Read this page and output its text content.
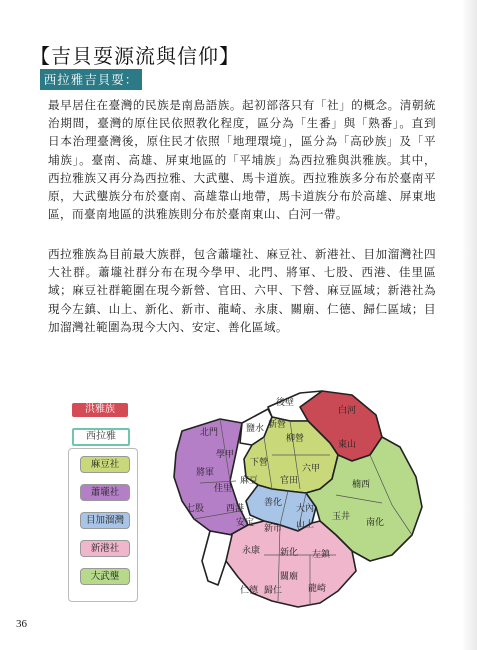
【吉貝耍源流與信仰】
西拉雅吉貝耍：

最早居住在臺灣的民族是南島語族。起初部落只有「社」的概念。清朝統治期間，臺灣的原住民依照教化程度，區分為「生番」與「熟番」。直到日本治理臺灣後，原住民才依照「地理環境」，區分為「高砂族」及「平埔族」。臺南、高雄、屏東地區的「平埔族」為西拉雅與洪雅族。其中，西拉雅族又再分為西拉雅、大武壟、馬卡道族。西拉雅族多分布於臺南平原，大武壟族分布於臺南、高雄靠山地帶，馬卡道族分布於高雄、屏東地區，而臺南地區的洪雅族則分布於臺南東山、白河一帶。

西拉雅族為目前最大族群，包含蕭壠社、麻豆社、新港社、目加溜灣社四大社群。蕭壠社群分布在現今學甲、北門、將軍、七股、西港、佳里區域；麻豆社群範圍在現今新營、官田、六甲、下營、麻豆區域；新港社為現今左鎮、山上、新化、新市、龍崎、永康、關廟、仁德、歸仁區域；目加溜灣社範圍為現今大內、安定、善化區域。

洪雅族
西拉雅
麻豆社
蕭壠社
目加溜灣
新港社
大武壟
後壁
白河
東山
北門	鹽水 新營
柳營
學甲
下營
六甲
將軍
麻豆 官田
佳里
七股 西港
善化
大內
楠西
安定
新市 山上
玉井
南化
永康 新化 左鎮
關廟
龍崎
仁德 歸仁
36
